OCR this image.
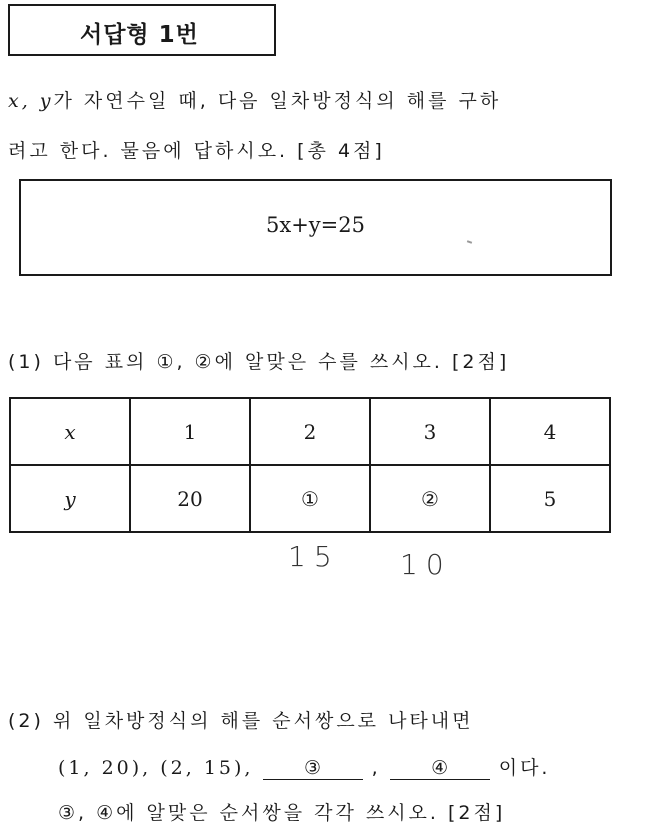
서답형 1번
x, y가 자연수일 때, 다음 일차방정식의 해를 구하
려고 한다. 물음에 답하시오. [총 4점]
5x+y=25
(1) 다음 표의 ①, ②에 알맞은 수를 쓰시오. [2점]
x	1	2	3	4
y	20	①	②	5
15 10
(2) 위 일차방정식의 해를 순서쌍으로 나타내면
(1, 20), (2, 15),	③	,	④	이다.
③, ④에 알맞은 순서쌍을 각각 쓰시오. [2점]
